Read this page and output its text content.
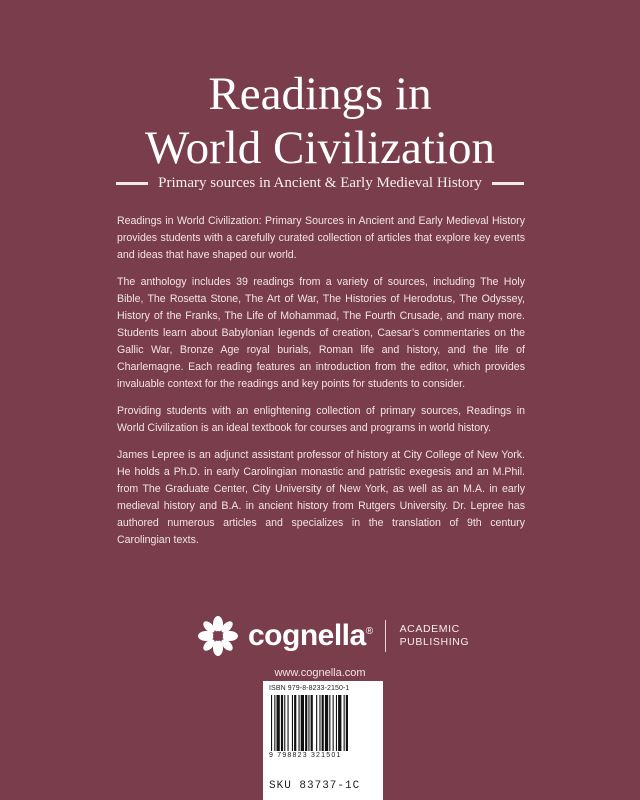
Readings in
World Civilization
Primary sources in Ancient & Early Medieval History

Readings in World Civilization: Primary Sources in Ancient and Early Medieval History provides students with a carefully curated collection of articles that explore key events and ideas that have shaped our world.

The anthology includes 39 readings from a variety of sources, including The Holy Bible, The Rosetta Stone, The Art of War, The Histories of Herodotus, The Odyssey, History of the Franks, The Life of Mohammad, The Fourth Crusade, and many more. Students learn about Babylonian legends of creation, Caesar’s commentaries on the Gallic War, Bronze Age royal burials, Roman life and history, and the life of Charlemagne. Each reading features an introduction from the editor, which provides invaluable context for the readings and key points for students to consider.

Providing students with an enlightening collection of primary sources, Readings in World Civilization is an ideal textbook for courses and programs in world history.

James Lepree is an adjunct assistant professor of history at City College of New York. He holds a Ph.D. in early Carolingian monastic and patristic exegesis and an M.Phil. from The Graduate Center, City University of New York, as well as an M.A. in early medieval history and B.A. in ancient history from Rutgers University. Dr. Lepree has authored numerous articles and specializes in the translation of 9th century Carolingian texts.

cognella®	ACADEMIC
PUBLISHING
www.cognella.com
ISBN 979-8-8233-2150-1
9 798823 321501
SKU 83737-1C
